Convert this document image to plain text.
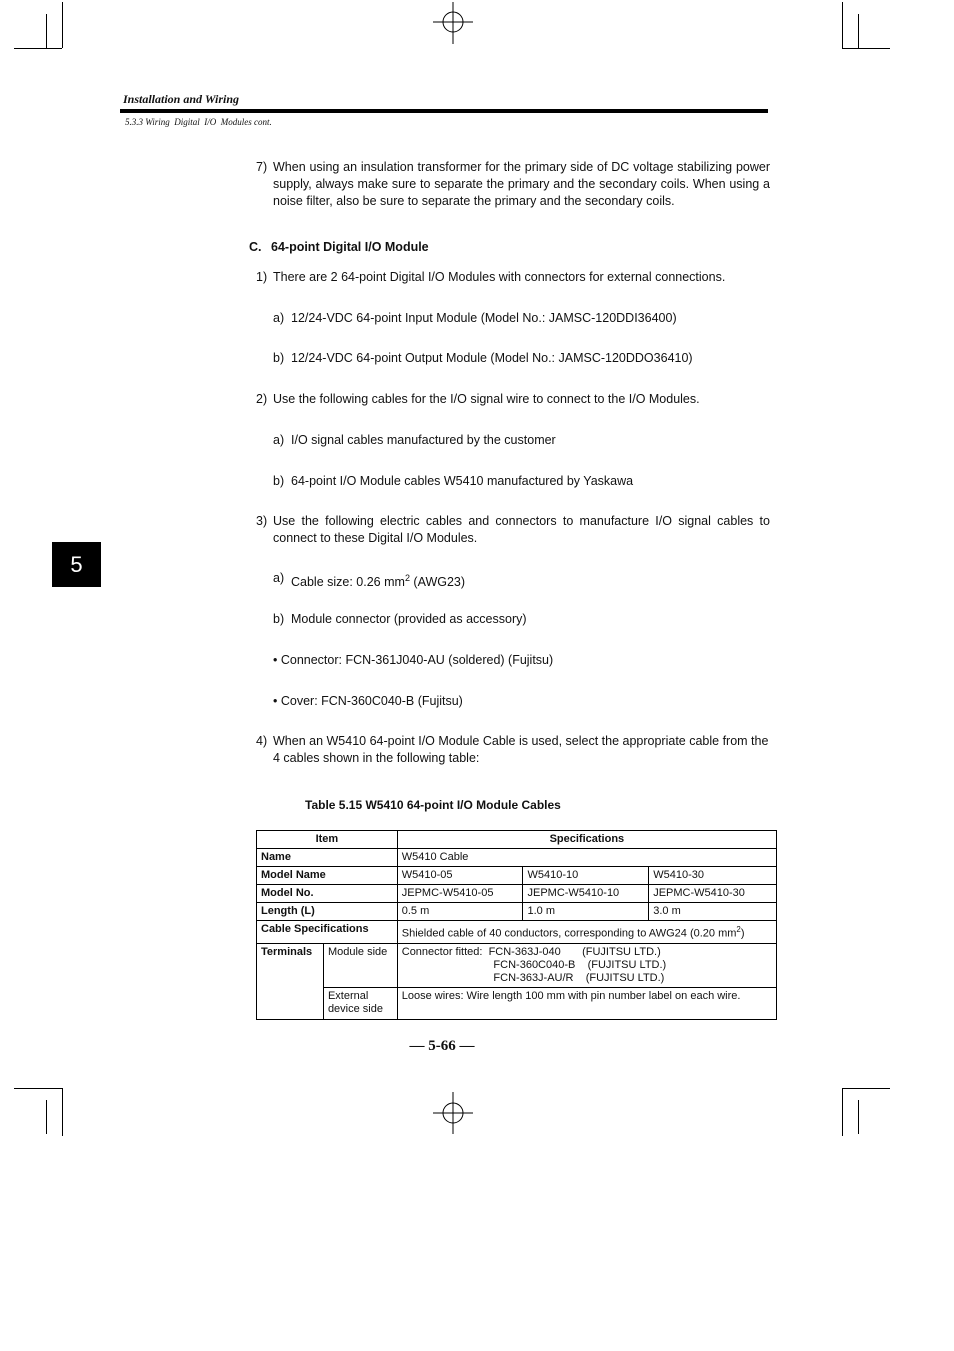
Installation and Wiring
5.3.3 Wiring Digital I/O Modules cont.
5
7) When using an insulation transformer for the primary side of DC voltage stabilizing power supply, always make sure to separate the primary and the secondary coils. When using a noise filter, also be sure to separate the primary and the secondary coils.
C. 64-point Digital I/O Module
1) There are 2 64-point Digital I/O Modules with connectors for external connections.
a) 12/24-VDC 64-point Input Module (Model No.: JAMSC-120DDI36400)
b) 12/24-VDC 64-point Output Module (Model No.: JAMSC-120DDO36410)
2) Use the following cables for the I/O signal wire to connect to the I/O Modules.
a) I/O signal cables manufactured by the customer
b) 64-point I/O Module cables W5410 manufactured by Yaskawa
3) Use the following electric cables and connectors to manufacture I/O signal cables to connect to these Digital I/O Modules.
a) Cable size: 0.26 $mm^2$ (AWG23)
b) Module connector (provided as accessory)
• Connector: FCN-361J040-AU (soldered) (Fujitsu)
• Cover: FCN-360C040-B (Fujitsu)
4) When an W5410 64-point I/O Module Cable is used, select the appropriate cable from the 4 cables shown in the following table:
Table 5.15 W5410 64-point I/O Module Cables
Item		Specifications		
Name		W5410 Cable		
Model Name		W5410-05	W5410-10	W5410-30
Model No.		JEPMC-W5410-05	JEPMC-W5410-10	JEPMC-W5410-30
Length (L)		0.5 m	1.0 m	3.0 m
Cable Specifications		Shielded cable of 40 conductors, corresponding to AWG24 (0.20 $mm^2$)		
Terminals	Module side	Connector fitted:  FCN-363J-040       (FUJITSU LTD.)
FCN-360C040-B    (FUJITSU LTD.)
FCN-363J-AU/R    (FUJITSU LTD.)		

	External device side	Loose wires: Wire length 100 mm with pin number label on each wire.		
— 5-66 —
